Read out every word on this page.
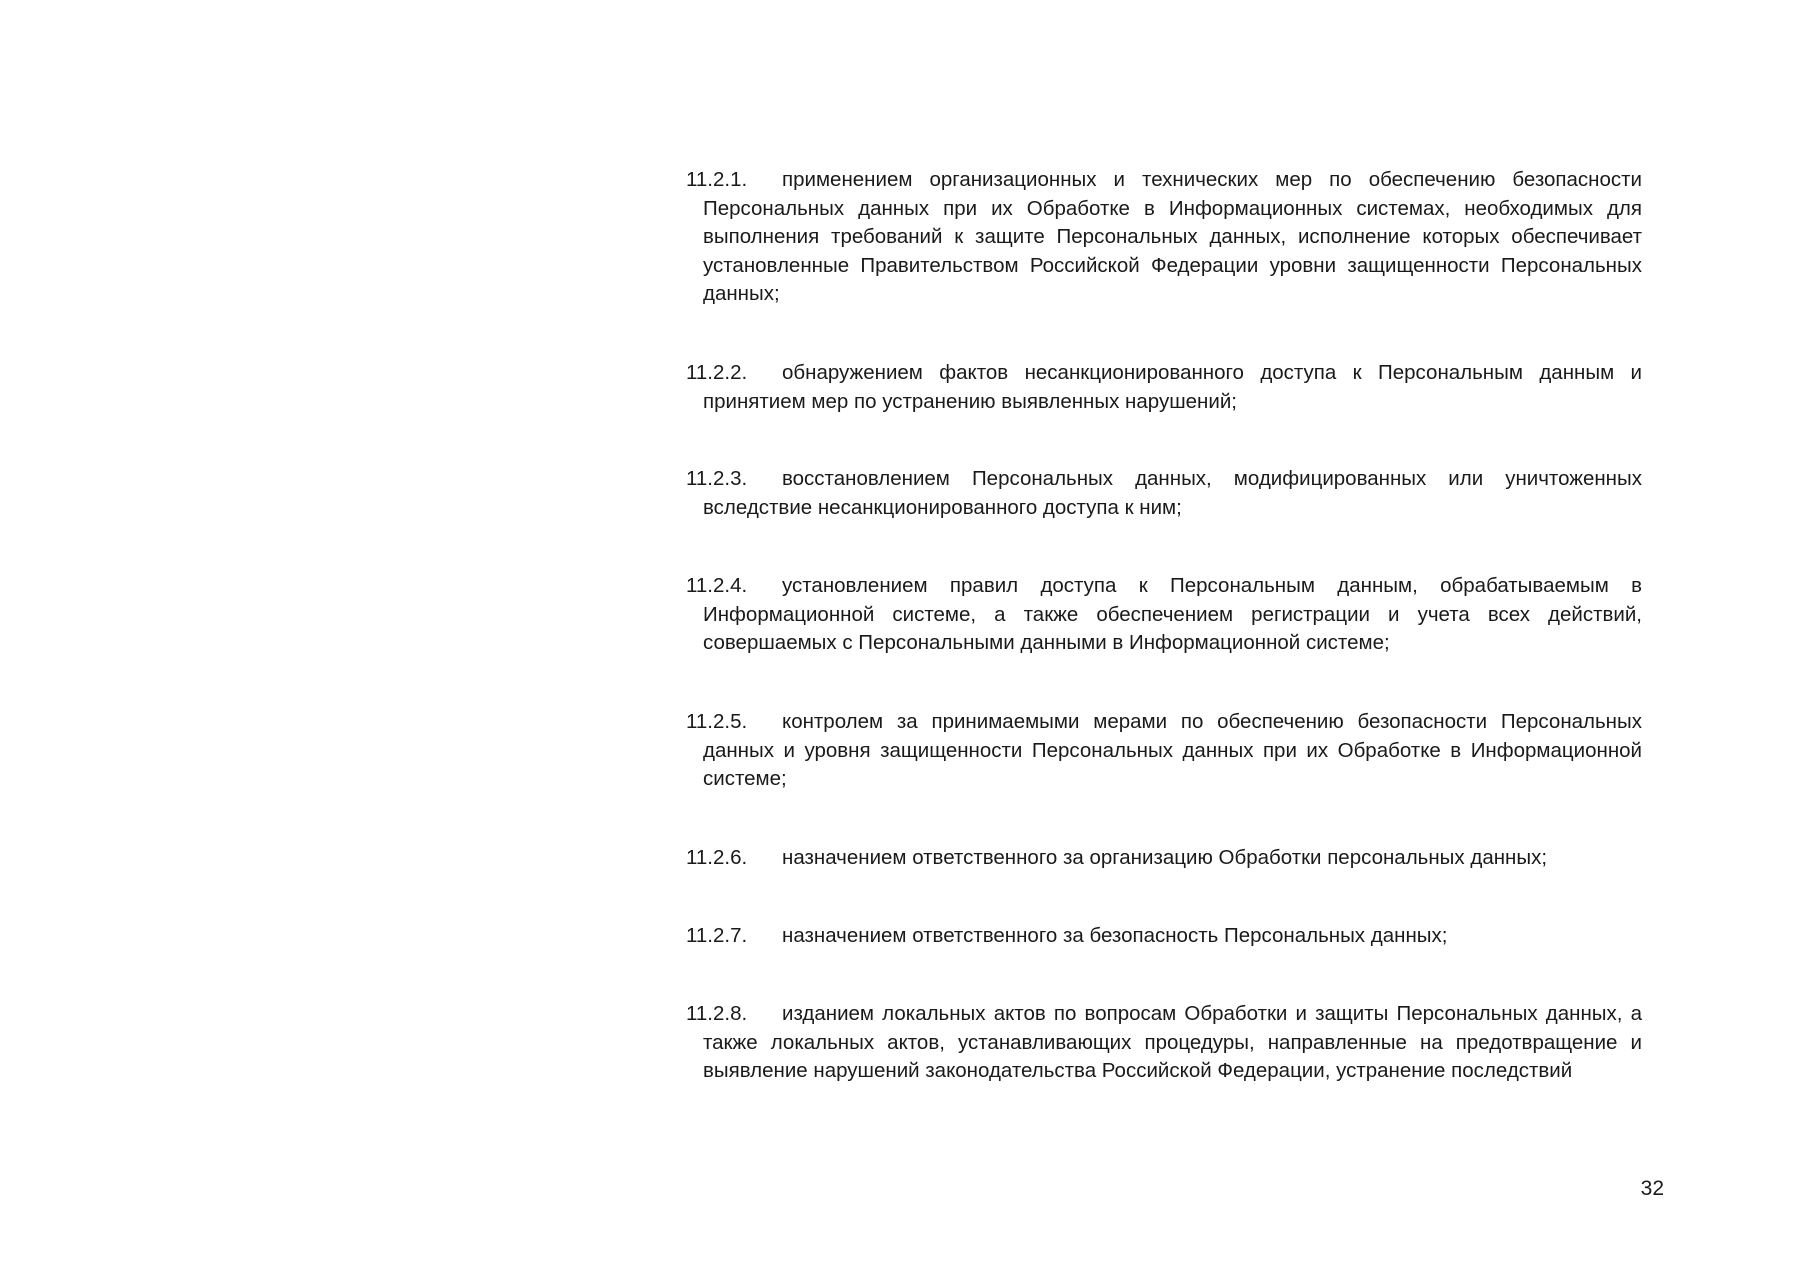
11.2.1. применением организационных и технических мер по обеспечению безопасности Персональных данных при их Обработке в Информационных системах, необходимых для выполнения требований к защите Персональных данных, исполнение которых обеспечивает установленные Правительством Российской Федерации уровни защищенности Персональных данных;

11.2.2. обнаружением фактов несанкционированного доступа к Персональным данным и принятием мер по устранению выявленных нарушений;

11.2.3. восстановлением Персональных данных, модифицированных или уничтоженных вследствие несанкционированного доступа к ним;

11.2.4. установлением правил доступа к Персональным данным, обрабатываемым в Информационной системе, а также обеспечением регистрации и учета всех действий, совершаемых с Персональными данными в Информационной системе;

11.2.5. контролем за принимаемыми мерами по обеспечению безопасности Персональных данных и уровня защищенности Персональных данных при их Обработке в Информационной системе;

11.2.6. назначением ответственного за организацию Обработки персональных данных;

11.2.7. назначением ответственного за безопасность Персональных данных;

11.2.8. изданием локальных актов по вопросам Обработки и защиты Персональных данных, а также локальных актов, устанавливающих процедуры, направленные на предотвращение и выявление нарушений законодательства Российской Федерации, устранение последствий

32
